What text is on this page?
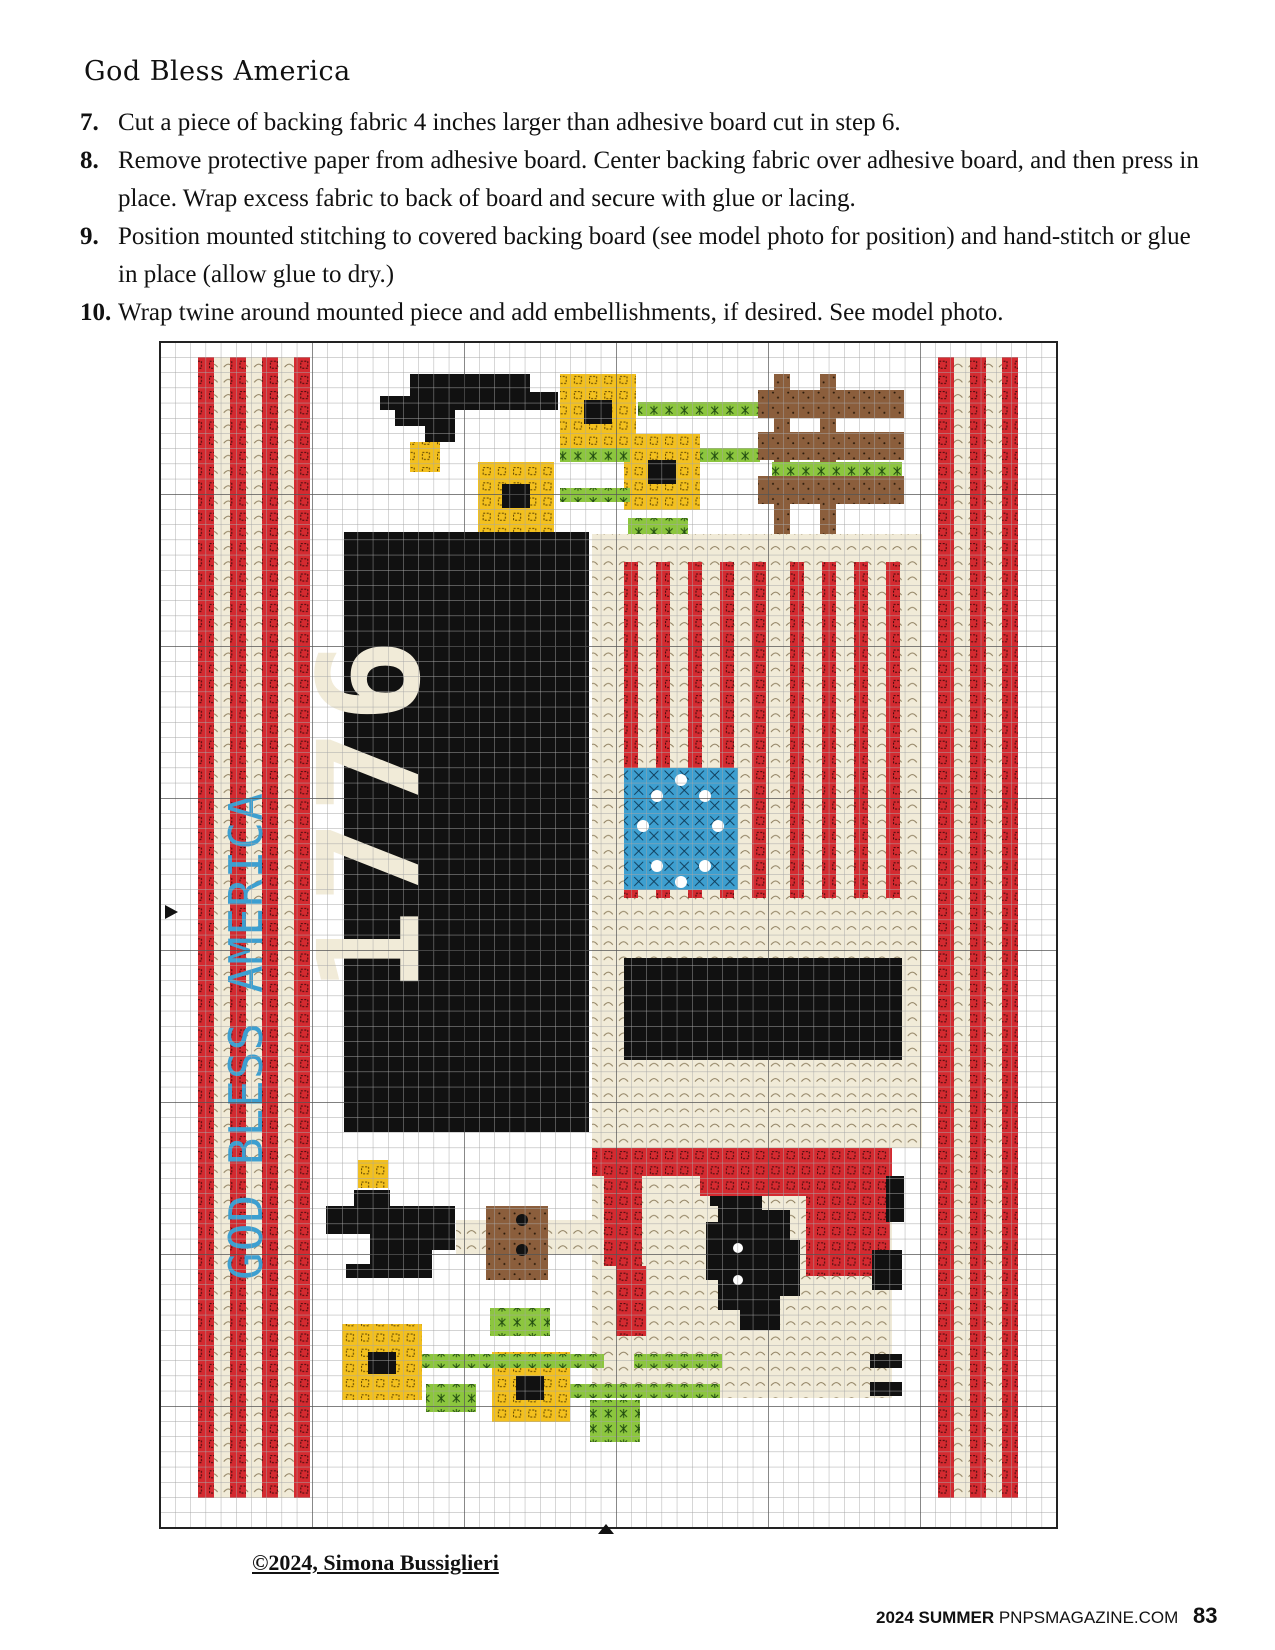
God Bless America
7. Cut a piece of backing fabric 4 inches larger than adhesive board cut in step 6.
8. Remove protective paper from adhesive board. Center backing fabric over adhesive board, and then press in place. Wrap excess fabric to back of board and secure with glue or lacing.
9. Position mounted stitching to covered backing board (see model photo for position) and hand-stitch or glue in place (allow glue to dry.)
10. Wrap twine around mounted piece and add embellishments, if desired. See model photo.
©2024, Simona Bussiglieri
2024 SUMMER PNPSMAGAZINE.COM 83
